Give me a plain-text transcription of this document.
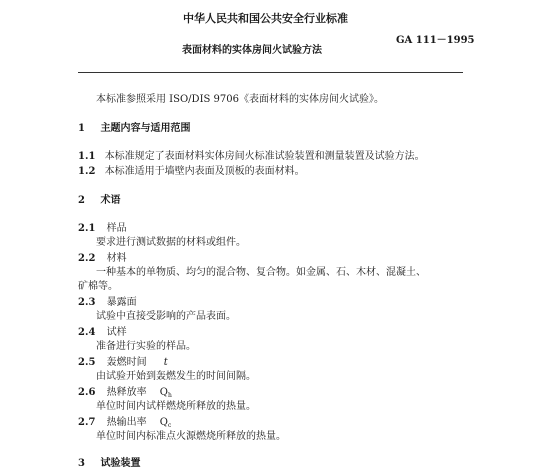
中华人民共和国公共安全行业标准
GA 111－1995
表面材料的实体房间火试验方法
本标准参照采用 ISO/DIS 9706《表面材料的实体房间火试验》。
1 主题内容与适用范围
1.1 本标准规定了表面材料实体房间火标准试验装置和测量装置及试验方法。
1.2 本标准适用于墙壁内表面及顶板的表面材料。
2 术语
2.1 样品
要求进行测试数据的材料或组件。
2.2 材料
一种基本的单物质、均匀的混合物、复合物。如金属、石、木材、混凝土、
矿棉等。
2.3 暴露面
试验中直接受影响的产品表面。
2.4 试样
准备进行实验的样品。
2.5 轰燃时间 t
由试验开始到轰燃发生的时间间隔。
2.6 热释放率 $Q_h$
单位时间内试样燃烧所释放的热量。
2.7 热输出率 $Q_c$
单位时间内标准点火源燃烧所释放的热量。
3 试验装置
